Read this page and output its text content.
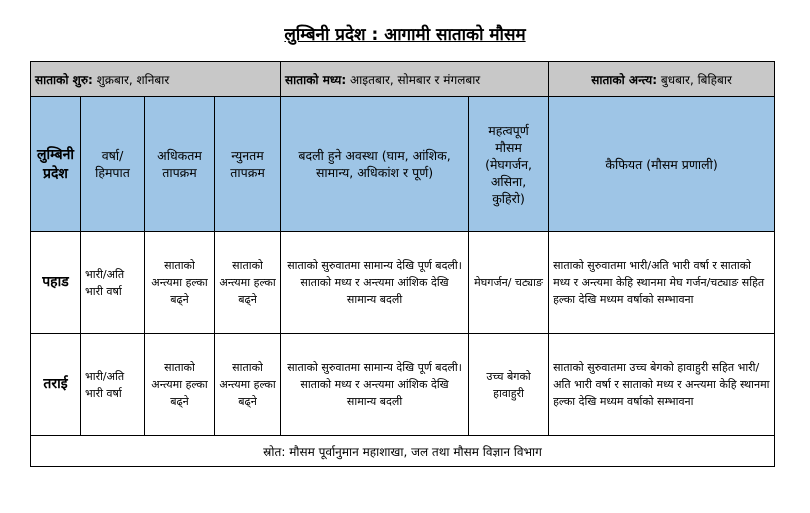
लुम्बिनी प्रदेश : आगामी साताको मौसम
साताको शुरु: शुक्रबार, शनिबार				साताको मध्य: आइतबार, सोमबार र मंगलबार		साताको अन्त्य: बुधबार, बिहिबार
लुम्बिनी प्रदेश	वर्षा/ हिमपात	अधिकतम तापक्रम	न्युनतम तापक्रम	बदली हुने अवस्था (घाम, आंशिक, सामान्य, अधिकांश र पूर्ण)	महत्वपूर्ण मौसम (मेघगर्जन, असिना, कुहिरो)	कैफियत (मौसम प्रणाली)
पहाड	भारी/अति भारी वर्षा	साताको अन्त्यमा हल्का बढ्ने	साताको अन्त्यमा हल्का बढ्ने	साताको सुरुवातमा सामान्य देखि पूर्ण बदली। साताको मध्य र अन्त्यमा आंशिक देखि सामान्य बदली	मेघगर्जन/ चट्याङ	साताको सुरुवातमा भारी/अति भारी वर्षा र साताको मध्य र अन्त्यमा केहि स्थानमा मेघ गर्जन/चट्याङ सहित हल्का देखि मध्यम वर्षाको सम्भावना
तराई	भारी/अति भारी वर्षा	साताको अन्त्यमा हल्का बढ्ने	साताको अन्त्यमा हल्का बढ्ने	साताको सुरुवातमा सामान्य देखि पूर्ण बदली। साताको मध्य र अन्त्यमा आंशिक देखि सामान्य बदली	उच्च बेगको हावाहुरी	साताको सुरुवातमा उच्च बेगको हावाहुरी सहित भारी/अति भारी वर्षा र साताको मध्य र अन्त्यमा केहि स्थानमा हल्का देखि मध्यम वर्षाको सम्भावना
स्रोत: मौसम पूर्वानुमान महाशाखा, जल तथा मौसम विज्ञान विभाग						
